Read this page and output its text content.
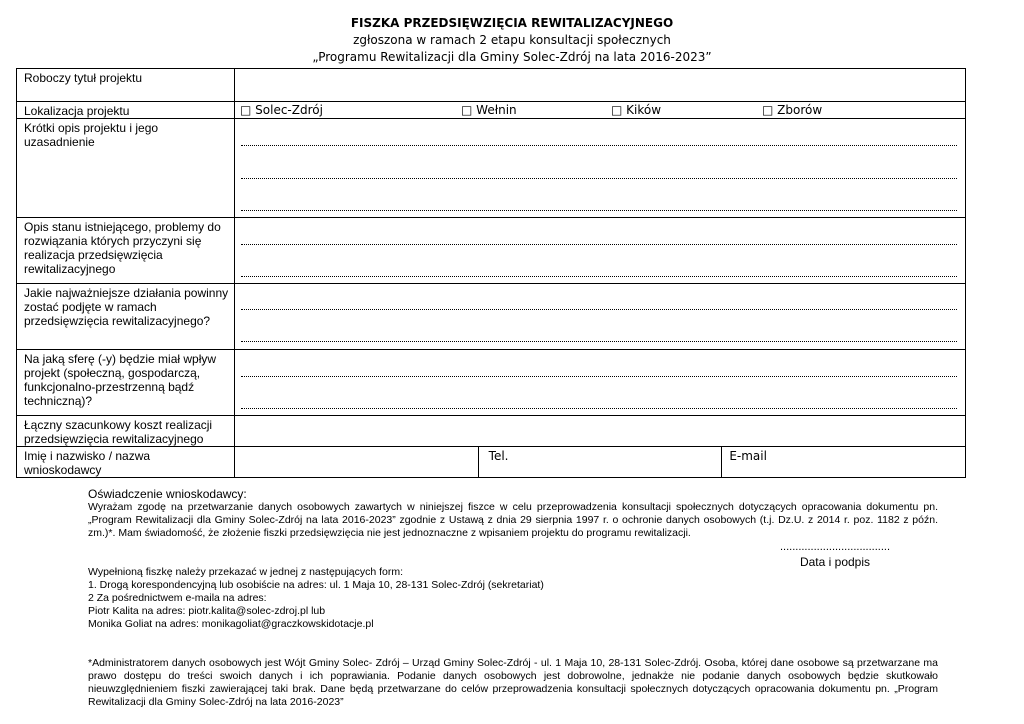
FISZKA PRZEDSIĘWZIĘCIA REWITALIZACYJNEGO
zgłoszona w ramach 2 etapu konsultacji społecznych
„Programu Rewitalizacji dla Gminy Solec-Zdrój na lata 2016-2023”
Roboczy tytuł projektu			
Lokalizacja projektu	□ Solec-Zdrój □ Wełnin □ Kików □ Zborów		

Krótki opis projektu i jego uzasadnienie			

Opis stanu istniejącego, problemy do rozwiązania których przyczyni się realizacja przedsięwzięcia rewitalizacyjnego			

Jakie najważniejsze działania powinny zostać podjęte w ramach przedsięwzięcia rewitalizacyjnego?			

Na jaką sferę (-y) będzie miał wpływ projekt (społeczną, gospodarczą, funkcjonalno-przestrzenną bądź techniczną)?			

Łączny szacunkowy koszt realizacji przedsięwzięcia rewitalizacyjnego			
Imię i nazwisko / nazwa wnioskodawcy		Tel.	E-mail
Oświadczenie wnioskodawcy:
Wyrażam zgodę na przetwarzanie danych osobowych zawartych w niniejszej fiszce w celu przeprowadzenia konsultacji społecznych dotyczących opracowania dokumentu pn. „Program Rewitalizacji dla Gminy Solec-Zdrój na lata 2016-2023” zgodnie z Ustawą z dnia 29 sierpnia 1997 r. o ochronie danych osobowych (t.j. Dz.U. z 2014 r. poz. 1182 z późn. zm.)*. Mam świadomość, że złożenie fiszki przedsięwzięcia nie jest jednoznaczne z wpisaniem projektu do programu rewitalizacji.
....................................
Data i podpis
Wypełnioną fiszkę należy przekazać w jednej z następujących form:
1. Drogą korespondencyjną lub osobiście na adres: ul. 1 Maja 10, 28-131 Solec-Zdrój (sekretariat)
2 Za pośrednictwem e-maila na adres:
Piotr Kalita na adres: piotr.kalita@solec-zdroj.pl lub
Monika Goliat na adres: monikagoliat@graczkowskidotacje.pl
*Administratorem danych osobowych jest Wójt Gminy Solec- Zdrój – Urząd Gminy Solec-Zdrój - ul. 1 Maja 10, 28-131 Solec-Zdrój. Osoba, której dane osobowe są przetwarzane ma prawo dostępu do treści swoich danych i ich poprawiania. Podanie danych osobowych jest dobrowolne, jednakże nie podanie danych osobowych będzie skutkowało nieuwzględnieniem fiszki zawierającej taki brak. Dane będą przetwarzane do celów przeprowadzenia konsultacji społecznych dotyczących opracowania dokumentu pn. „Program Rewitalizacji dla Gminy Solec-Zdrój na lata 2016-2023”
